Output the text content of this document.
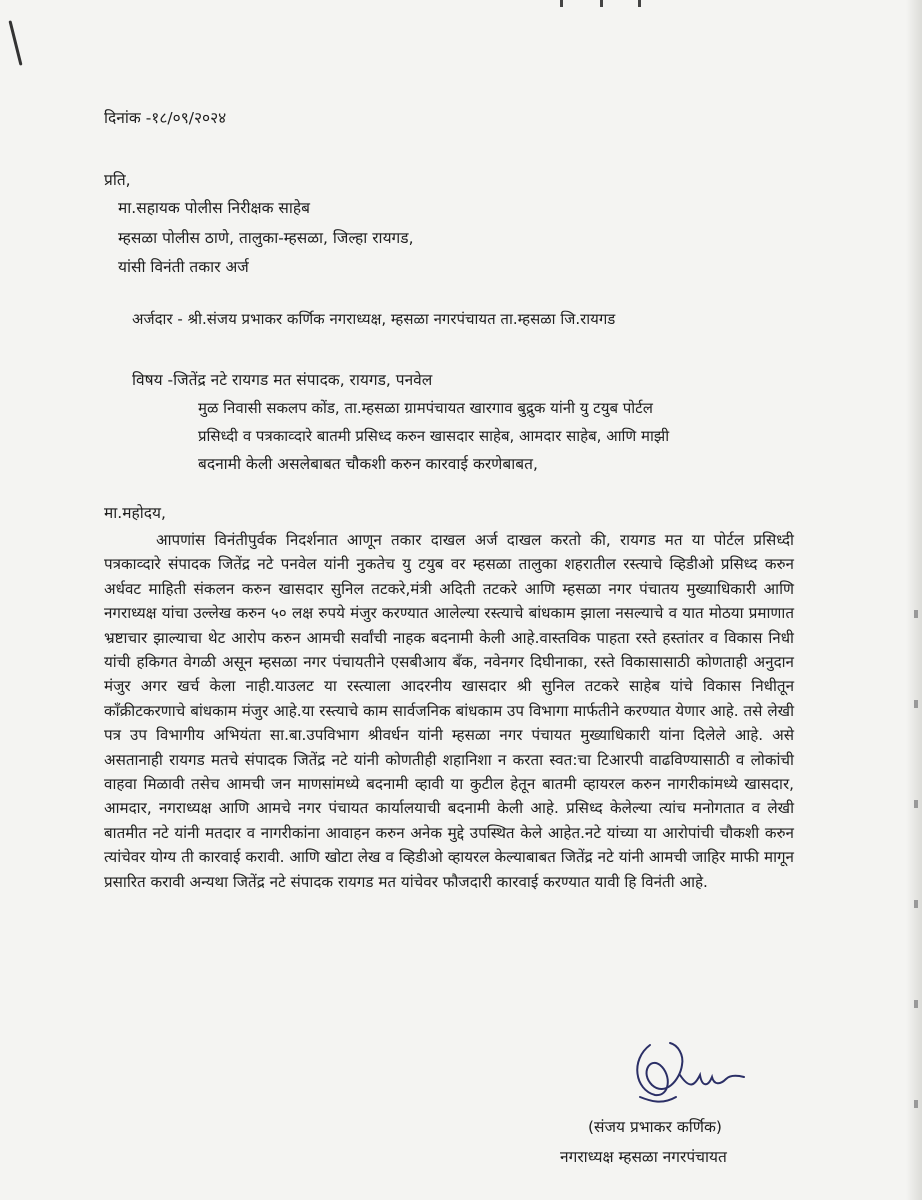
दिनांक -१८/०९/२०२४
प्रति,
मा.सहायक पोलीस निरीक्षक साहेब
म्हसळा पोलीस ठाणे, तालुका-म्हसळा, जिल्हा रायगड,
यांसी विनंती तकार अर्ज
अर्जदार - श्री.संजय प्रभाकर कर्णिक नगराध्यक्ष, म्हसळा नगरपंचायत ता.म्हसळा जि.रायगड
विषय -जितेंद्र नटे रायगड मत संपादक, रायगड, पनवेल
मुळ निवासी सकलप कोंड, ता.म्हसळा ग्रामपंचायत खारगाव बुद्रुक यांनी यु टयुब पोर्टल
प्रसिध्दी व पत्रकाव्दारे बातमी प्रसिध्द करुन खासदार साहेब, आमदार साहेब, आणि माझी
बदनामी केली असलेबाबत चौकशी करुन कारवाई करणेबाबत,
मा.महोदय,
आपणांस विनंतीपुर्वक निदर्शनात आणून तकार दाखल अर्ज दाखल करतो की, रायगड मत या पोर्टल प्रसिध्दी पत्रकाव्दारे संपादक जितेंद्र नटे पनवेल यांनी नुकतेच यु टयुब वर म्हसळा तालुका शहरातील रस्त्याचे व्हिडीओ प्रसिध्द करुन अर्धवट माहिती संकलन करुन खासदार सुनिल तटकरे,मंत्री अदिती तटकरे आणि म्हसळा नगर पंचातय मुख्याधिकारी आणि नगराध्यक्ष यांचा उल्लेख करुन ५० लक्ष रुपये मंजुर करण्यात आलेल्या रस्त्याचे बांधकाम झाला नसल्याचे व यात मोठया प्रमाणात भ्रष्टाचार झाल्याचा थेट आरोप करुन आमची सर्वांची नाहक बदनामी केली आहे.वास्तविक पाहता रस्ते हस्तांतर व विकास निधी यांची हकिगत वेगळी असून म्हसळा नगर पंचायतीने एसबीआय बँक, नवेनगर दिघीनाका, रस्ते विकासासाठी कोणताही अनुदान मंजुर अगर खर्च केला नाही.याउलट या रस्त्याला आदरनीय खासदार श्री सुनिल तटकरे साहेब यांचे विकास निधीतून कॉंक्रीटकरणाचे बांधकाम मंजुर आहे.या रस्त्याचे काम सार्वजनिक बांधकाम उप विभागा मार्फतीने करण्यात येणार आहे. तसे लेखी पत्र उप विभागीय अभियंता सा.बा.उपविभाग श्रीवर्धन यांनी म्हसळा नगर पंचायत मुख्याधिकारी यांना दिलेले आहे. असे असतानाही रायगड मतचे संपादक जितेंद्र नटे यांनी कोणतीही शहानिशा न करता स्वत:चा टिआरपी वाढविण्यासाठी व लोकांची वाहवा मिळावी तसेच आमची जन माणसांमध्ये बदनामी व्हावी या कुटील हेतून बातमी व्हायरल करुन नागरीकांमध्ये खासदार, आमदार, नगराध्यक्ष आणि आमचे नगर पंचायत कार्यालयाची बदनामी केली आहे. प्रसिध्द केलेल्या त्यांच मनोगतात व लेखी बातमीत नटे यांनी मतदार व नागरीकांना आवाहन करुन अनेक मुद्दे उपस्थित केले आहेत.नटे यांच्या या आरोपांची चौकशी करुन त्यांचेवर योग्य ती कारवाई करावी. आणि खोटा लेख व व्हिडीओ व्हायरल केल्याबाबत जितेंद्र नटे यांनी आमची जाहिर माफी मागून प्रसारित करावी अन्यथा जितेंद्र नटे संपादक रायगड मत यांचेवर फौजदारी कारवाई करण्यात यावी हि विनंती आहे.
(संजय प्रभाकर कर्णिक)
नगराध्यक्ष म्हसळा नगरपंचायत
